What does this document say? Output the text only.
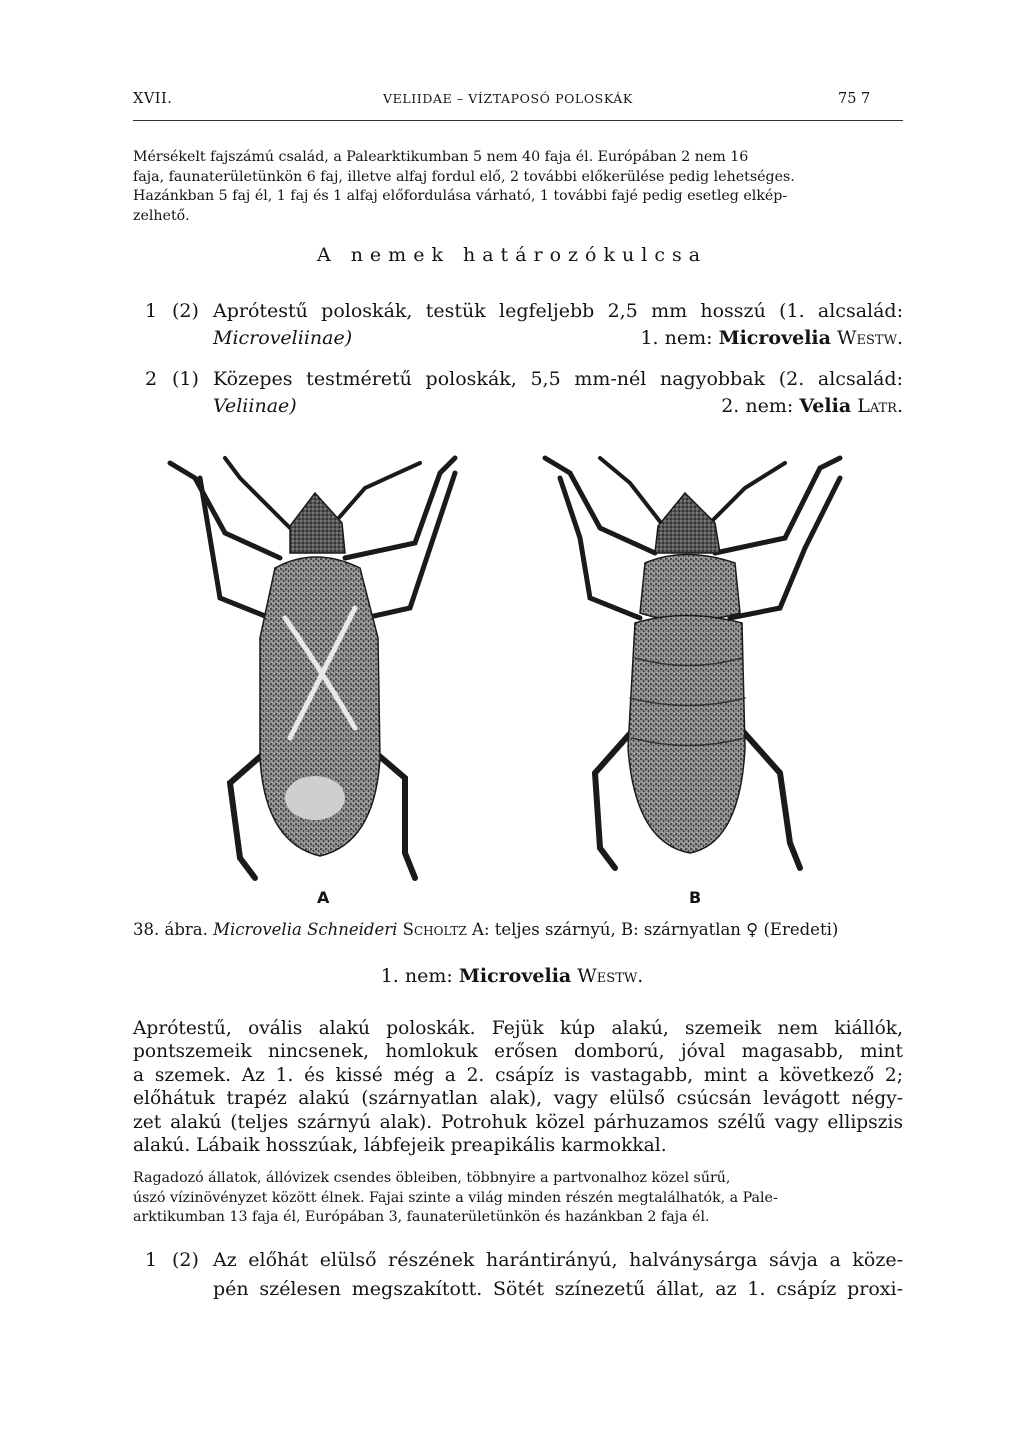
XVII.	VELIIDAE – VÍZTAPOSÓ POLOSKÁK	75 7
Mérsékelt fajszámú család, a Palearktikumban 5 nem 40 faja él. Európában 2 nem 16
faja, faunaterületünkön 6 faj, illetve alfaj fordul elő, 2 további előkerülése pedig lehetséges.
Hazánkban 5 faj él, 1 faj és 1 alfaj előfordulása várható, 1 további fajé pedig esetleg elkép-
zelhető.
A nemek határozókulcsa
1 (2) Aprótestű poloskák, testük legfeljebb 2,5 mm hosszú (1. alcsalád:
Microveliinae)	1. nem: Microvelia Westw.
2 (1) Közepes testméretű poloskák, 5,5 mm-nél nagyobbak (2. alcsalád:
Veliinae)	2. nem: Velia Latr.
A	B
38. ábra. Microvelia Schneideri Scholtz A: teljes szárnyú, B: szárnyatlan ♀ (Eredeti)
1. nem: Microvelia Westw.
Aprótestű, ovális alakú poloskák. Fejük kúp alakú, szemeik nem kiállók,
pontszemeik nincsenek, homlokuk erősen domború, jóval magasabb, mint
a szemek. Az 1. és kissé még a 2. csápíz is vastagabb, mint a következő 2;
előhátuk trapéz alakú (szárnyatlan alak), vagy elülső csúcsán levágott négy-
zet alakú (teljes szárnyú alak). Potrohuk közel párhuzamos szélű vagy ellipszis
alakú. Lábaik hosszúak, lábfejeik preapikális karmokkal.
Ragadozó állatok, állóvizek csendes öbleiben, többnyire a partvonalhoz közel sűrű,
úszó vízinövényzet között élnek. Fajai szinte a világ minden részén megtalálhatók, a Pale-
arktikumban 13 faja él, Európában 3, faunaterületünkön és hazánkban 2 faja él.
1 (2) Az előhát elülső részének harántirányú, halványsárga sávja a köze-
pén szélesen megszakított. Sötét színezetű állat, az 1. csápíz proxi-
